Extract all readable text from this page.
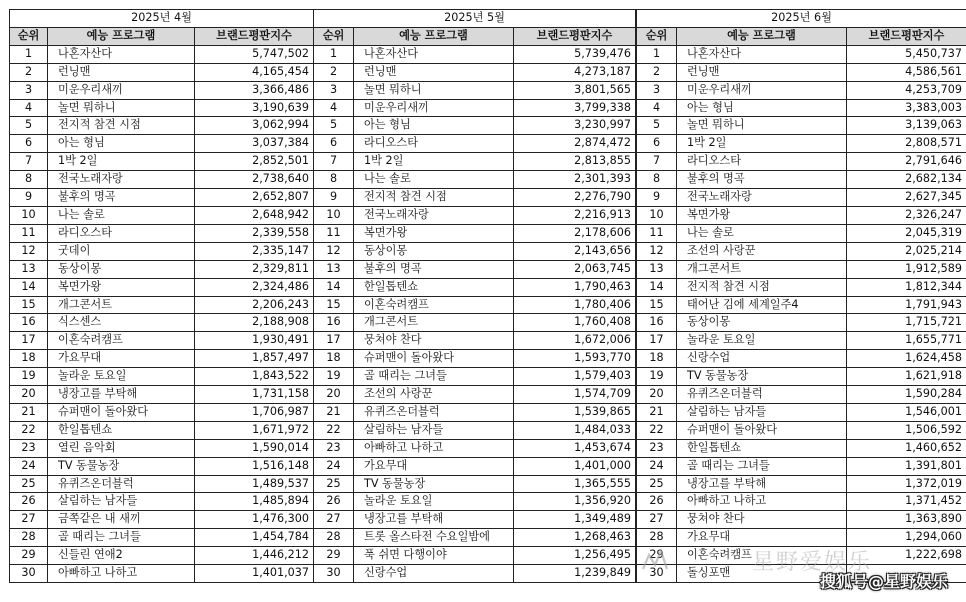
2025년 4월		
순위	예능 프로그램	브랜드평판지수
1	나혼자산다	5,747,502
2	런닝맨	4,165,454
3	미운우리새끼	3,366,486
4	놀면 뭐하니	3,190,639
5	전지적 참견 시점	3,062,994
6	아는 형님	3,037,384
7	1박 2일	2,852,501
8	전국노래자랑	2,738,640
9	불후의 명곡	2,652,807
10	나는 솔로	2,648,942
11	라디오스타	2,339,558
12	굿데이	2,335,147
13	동상이몽	2,329,811
14	복면가왕	2,324,486
15	개그콘서트	2,206,243
16	식스센스	2,188,908
17	이혼숙려캠프	1,930,491
18	가요무대	1,857,497
19	놀라운 토요일	1,843,522
20	냉장고를 부탁해	1,731,158
21	슈퍼맨이 돌아왔다	1,706,987
22	한일톱텐쇼	1,671,972
23	열린 음악회	1,590,014
24	TV 동물농장	1,516,148
25	유퀴즈온더블럭	1,489,537
26	살림하는 남자들	1,485,894
27	금쪽같은 내 새끼	1,476,300
28	골 때리는 그녀들	1,454,784
29	신들린 연애2	1,446,212
30	아빠하고 나하고	1,401,037
2025년 5월		
순위	예능 프로그램	브랜드평판지수
1	나혼자산다	5,739,476
2	런닝맨	4,273,187
3	놀면 뭐하니	3,801,565
4	미운우리새끼	3,799,338
5	아는 형님	3,230,997
6	라디오스타	2,874,472
7	1박 2일	2,813,855
8	나는 솔로	2,301,393
9	전지적 참견 시점	2,276,790
10	전국노래자랑	2,216,913
11	복면가왕	2,178,606
12	동상이몽	2,143,656
13	불후의 명곡	2,063,745
14	한일톱텐쇼	1,790,463
15	이혼숙려캠프	1,780,406
16	개그콘서트	1,760,408
17	뭉쳐야 찬다	1,672,006
18	슈퍼맨이 돌아왔다	1,593,770
19	골 때리는 그녀들	1,579,403
20	조선의 사랑꾼	1,574,709
21	유퀴즈온더블럭	1,539,865
22	살림하는 남자들	1,484,033
23	아빠하고 나하고	1,453,674
24	가요무대	1,401,000
25	TV 동물농장	1,365,555
26	놀라운 토요일	1,356,920
27	냉장고를 부탁해	1,349,489
28	트롯 올스타전 수요일밤에	1,268,463
29	푹 쉬면 다행이야	1,256,495
30	신랑수업	1,239,849
2025년 6월		
순위	예능 프로그램	브랜드평판지수
1	나혼자산다	5,450,737
2	런닝맨	4,586,561
3	미운우리새끼	4,253,709
4	아는 형님	3,383,003
5	놀면 뭐하니	3,139,063
6	1박 2일	2,808,571
7	라디오스타	2,791,646
8	불후의 명곡	2,682,134
9	전국노래자랑	2,627,345
10	복면가왕	2,326,247
11	나는 솔로	2,045,319
12	조선의 사랑꾼	2,025,214
13	개그콘서트	1,912,589
14	전지적 참견 시점	1,812,344
15	태어난 김에 세계일주4	1,791,943
16	동상이몽	1,715,721
17	놀라운 토요일	1,655,771
18	신랑수업	1,624,458
19	TV 동물농장	1,621,918
20	유퀴즈온더블럭	1,590,284
21	살림하는 남자들	1,546,001
22	슈퍼맨이 돌아왔다	1,506,592
23	한일톱텐쇼	1,460,652
24	골 때리는 그녀들	1,391,801
25	냉장고를 부탁해	1,372,019
26	아빠하고 나하고	1,371,452
27	뭉쳐야 찬다	1,363,890
28	가요무대	1,294,060
29	이혼숙려캠프	1,222,698
30	돌싱포맨	星野爱娱乐
搜狐号@星野娱乐
